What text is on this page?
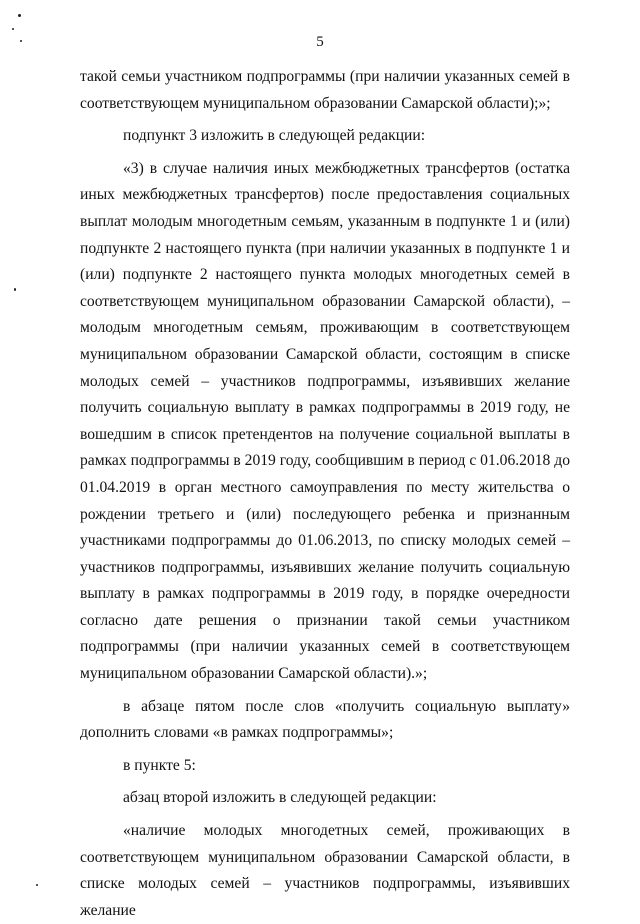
5

такой семьи участником подпрограммы (при наличии указанных семей в соответствующем муниципальном образовании Самарской области);»;

подпункт 3 изложить в следующей редакции:

«3) в случае наличия иных межбюджетных трансфертов (остатка иных межбюджетных трансфертов) после предоставления социальных выплат молодым многодетным семьям, указанным в подпункте 1 и (или) подпункте 2 настоящего пункта (при наличии указанных в подпункте 1 и (или) подпункте 2 настоящего пункта молодых многодетных семей в соответствующем муниципальном образовании Самарской области), – молодым многодетным семьям, проживающим в соответствующем муниципальном образовании Самарской области, состоящим в списке молодых семей – участников подпрограммы, изъявивших желание получить социальную выплату в рамках подпрограммы в 2019 году, не вошедшим в список претендентов на получение социальной выплаты в рамках подпрограммы в 2019 году, сообщившим в период с 01.06.2018 до 01.04.2019 в орган местного самоуправления по месту жительства о рождении третьего и (или) последующего ребенка и признанным участниками подпрограммы до 01.06.2013, по списку молодых семей – участников подпрограммы, изъявивших желание получить социальную выплату в рамках подпрограммы в 2019 году, в порядке очередности согласно дате решения о признании такой семьи участником подпрограммы (при наличии указанных семей в соответствующем муниципальном образовании Самарской области).»;

в абзаце пятом после слов «получить социальную выплату» дополнить словами «в рамках подпрограммы»;

в пункте 5:

абзац второй изложить в следующей редакции:

«наличие молодых многодетных семей, проживающих в соответствующем муниципальном образовании Самарской области, в списке молодых семей – участников подпрограммы, изъявивших желание
